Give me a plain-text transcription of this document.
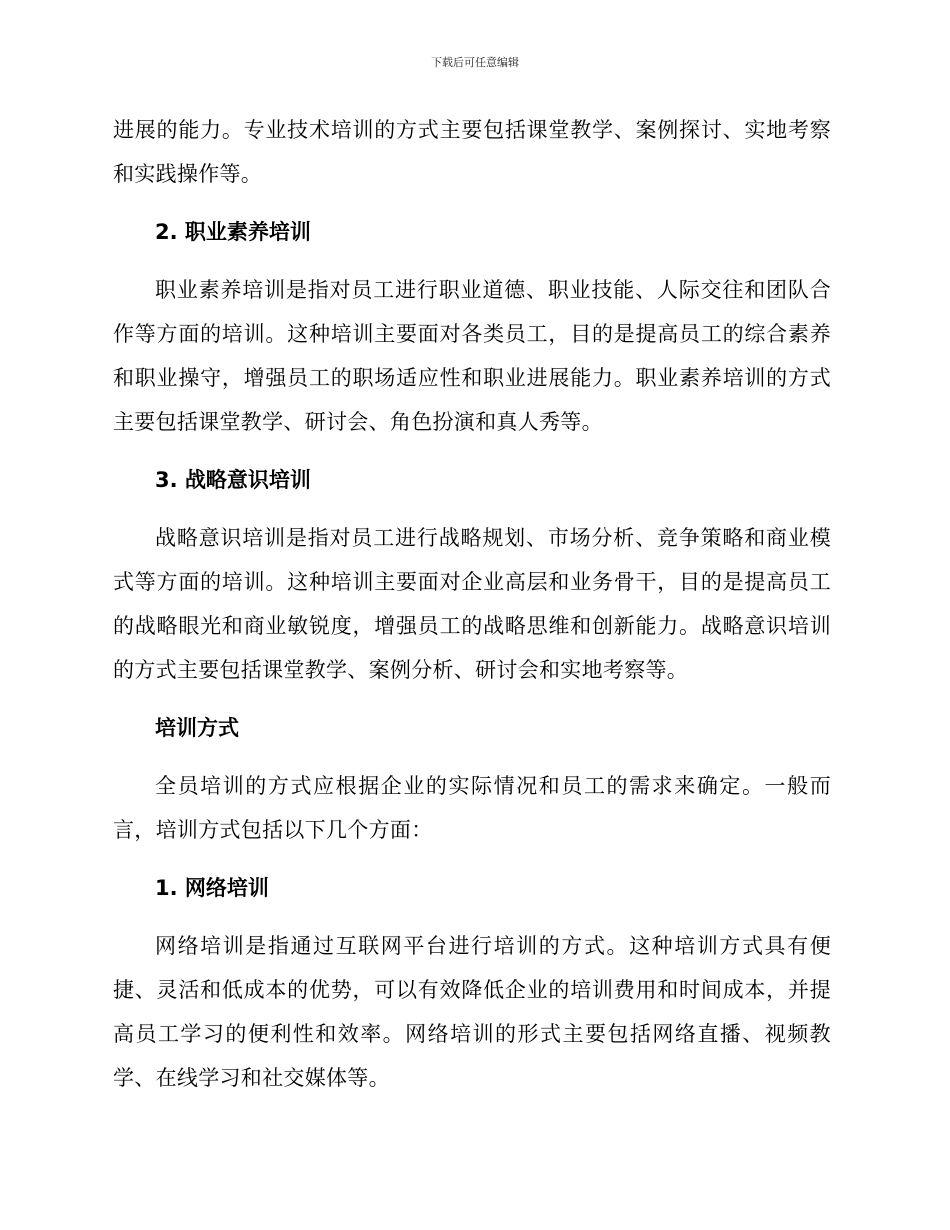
下载后可任意编辑

进展的能力。专业技术培训的方式主要包括课堂教学、案例探讨、实地考察和实践操作等。

2. 职业素养培训

职业素养培训是指对员工进行职业道德、职业技能、人际交往和团队合作等方面的培训。这种培训主要面对各类员工，目的是提高员工的综合素养和职业操守，增强员工的职场适应性和职业进展能力。职业素养培训的方式主要包括课堂教学、研讨会、角色扮演和真人秀等。

3. 战略意识培训

战略意识培训是指对员工进行战略规划、市场分析、竞争策略和商业模式等方面的培训。这种培训主要面对企业高层和业务骨干，目的是提高员工的战略眼光和商业敏锐度，增强员工的战略思维和创新能力。战略意识培训的方式主要包括课堂教学、案例分析、研讨会和实地考察等。

培训方式

全员培训的方式应根据企业的实际情况和员工的需求来确定。一般而言，培训方式包括以下几个方面：

1. 网络培训

网络培训是指通过互联网平台进行培训的方式。这种培训方式具有便捷、灵活和低成本的优势，可以有效降低企业的培训费用和时间成本，并提高员工学习的便利性和效率。网络培训的形式主要包括网络直播、视频教学、在线学习和社交媒体等。
